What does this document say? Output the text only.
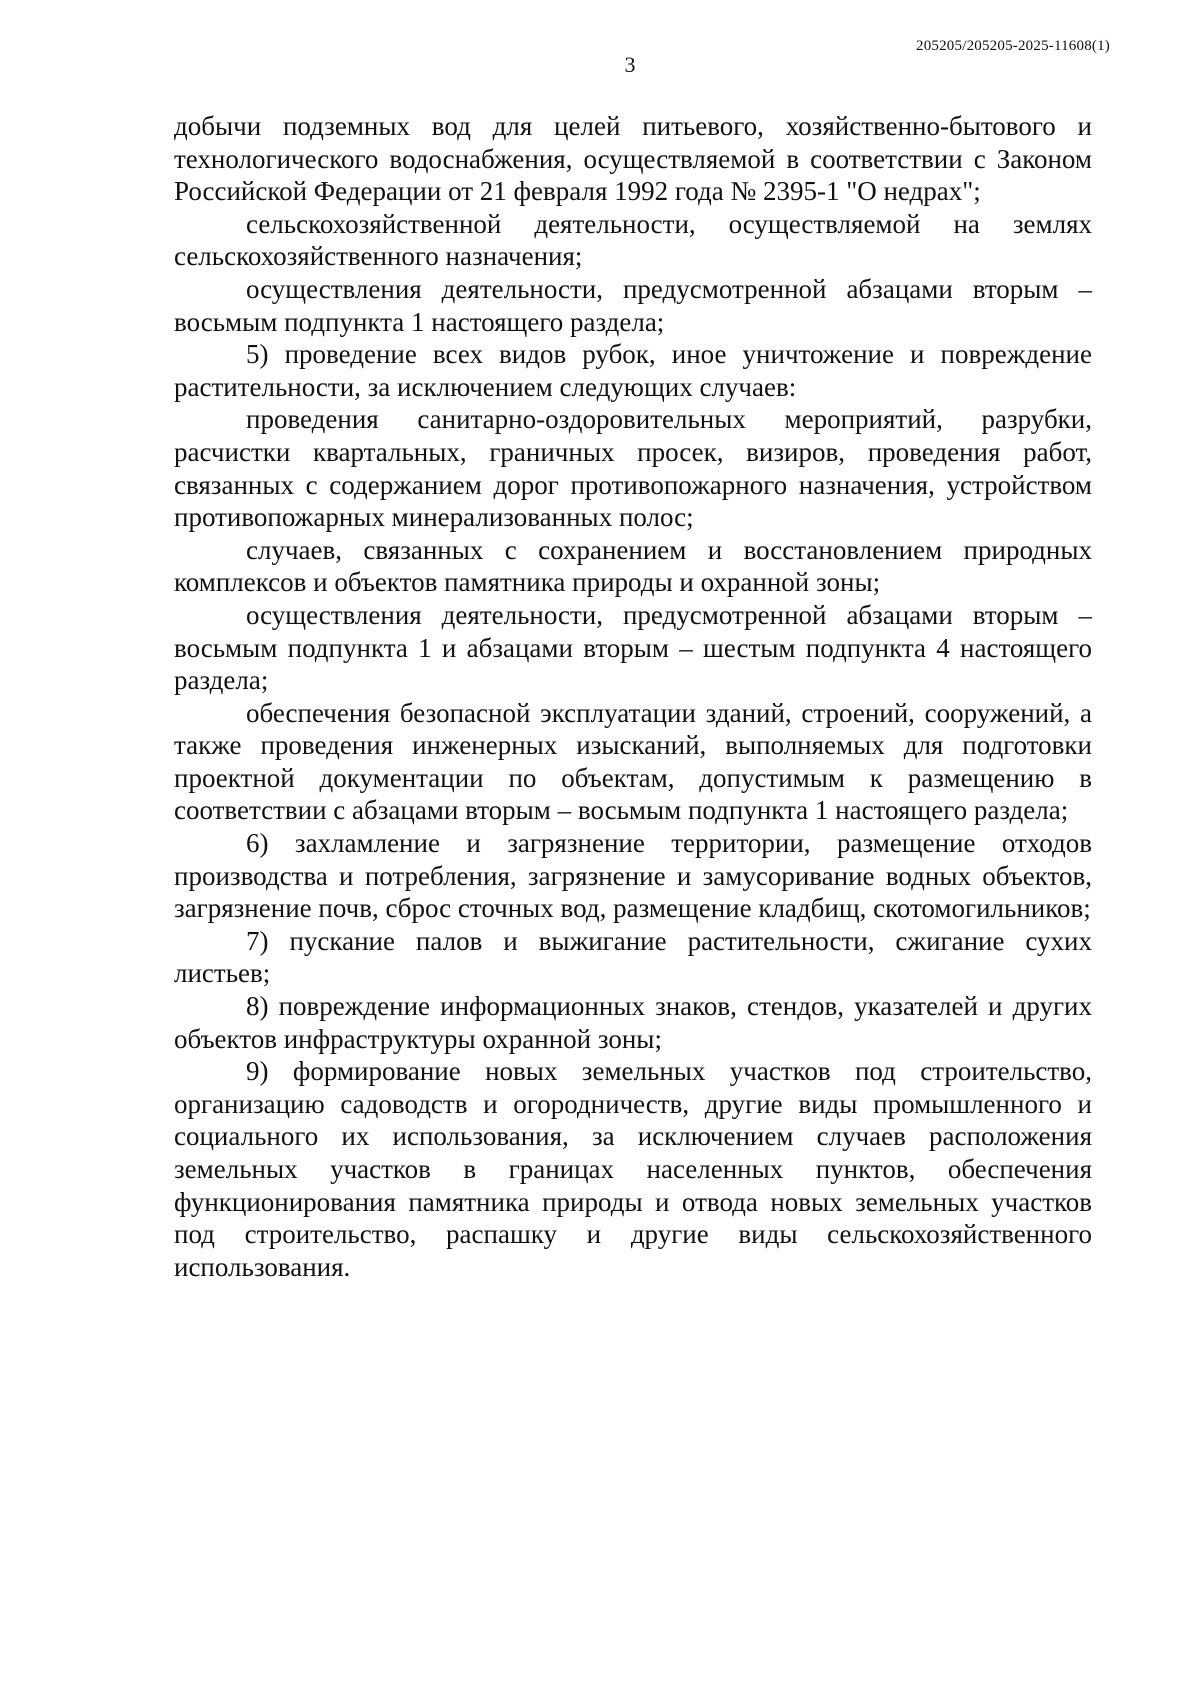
205205/205205-2025-11608(1)
3

добычи подземных вод для целей питьевого, хозяйственно-бытового и технологического водоснабжения, осуществляемой в соответствии с Законом Российской Федерации от 21 февраля 1992 года № 2395-1 "О недрах";

сельскохозяйственной деятельности, осуществляемой на землях сельскохозяйственного назначения;

осуществления деятельности, предусмотренной абзацами вторым – восьмым подпункта 1 настоящего раздела;

5) проведение всех видов рубок, иное уничтожение и повреждение растительности, за исключением следующих случаев:

проведения санитарно-оздоровительных мероприятий, разрубки, расчистки квартальных, граничных просек, визиров, проведения работ, связанных с содержанием дорог противопожарного назначения, устройством противопожарных минерализованных полос;

случаев, связанных с сохранением и восстановлением природных комплексов и объектов памятника природы и охранной зоны;

осуществления деятельности, предусмотренной абзацами вторым – восьмым подпункта 1 и абзацами вторым – шестым подпункта 4 настоящего раздела;

обеспечения безопасной эксплуатации зданий, строений, сооружений, а также проведения инженерных изысканий, выполняемых для подготовки проектной документации по объектам, допустимым к размещению в соответствии с абзацами вторым – восьмым подпункта 1 настоящего раздела;

6) захламление и загрязнение территории, размещение отходов производства и потребления, загрязнение и замусоривание водных объектов, загрязнение почв, сброс сточных вод, размещение кладбищ, скотомогильников;

7) пускание палов и выжигание растительности, сжигание сухих листьев;

8) повреждение информационных знаков, стендов, указателей и других объектов инфраструктуры охранной зоны;

9) формирование новых земельных участков под строительство, организацию садоводств и огородничеств, другие виды промышленного и социального их использования, за исключением случаев расположения земельных участков в границах населенных пунктов, обеспечения функционирования памятника природы и отвода новых земельных участков под строительство, распашку и другие виды сельскохозяйственного использования.
